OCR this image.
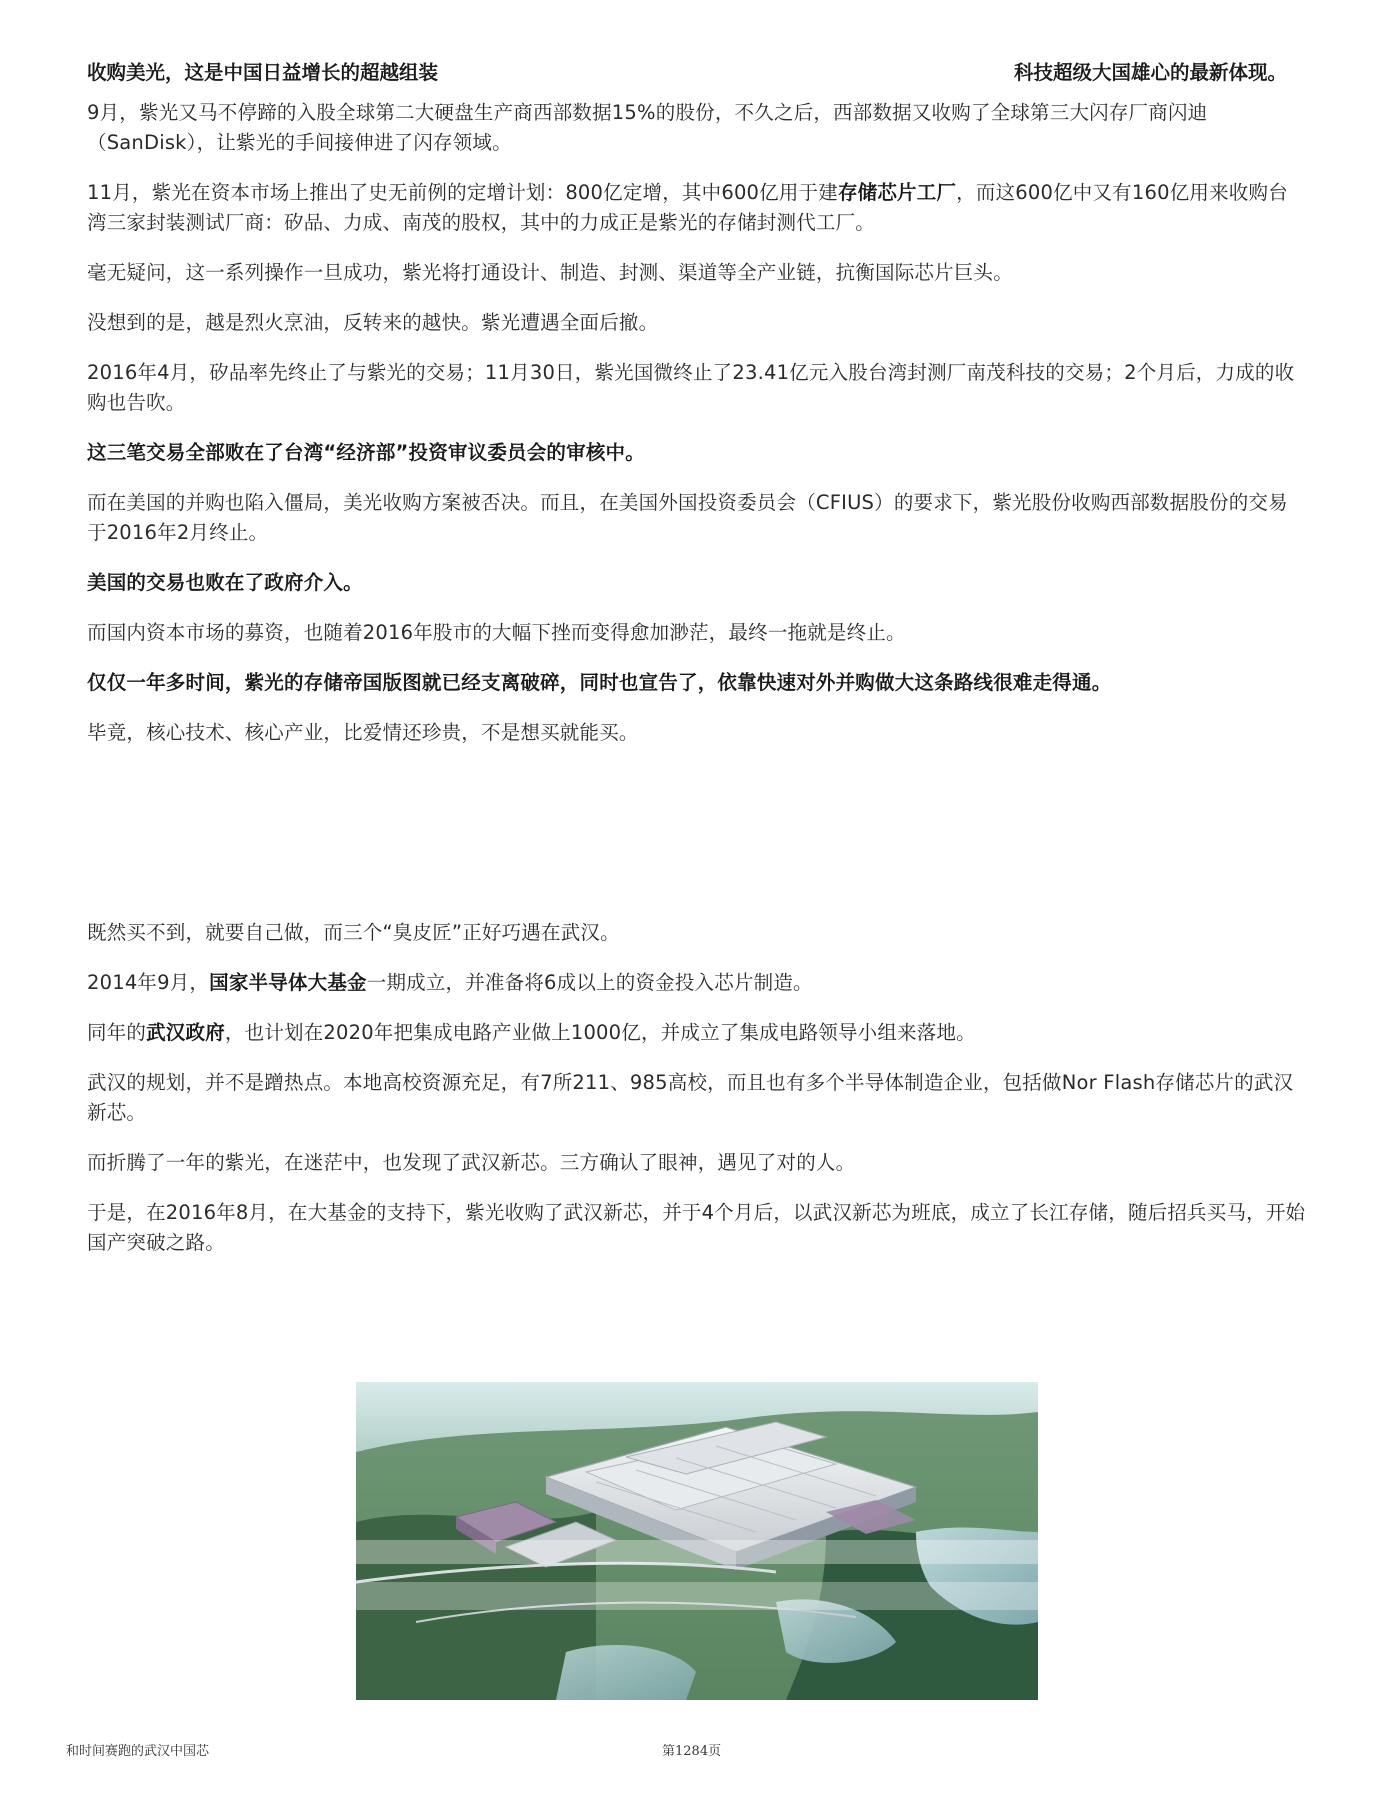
收购美光，这是中国日益增长的超越组装	科技超级大国雄心的最新体现。

9月，紫光又马不停蹄的入股全球第二大硬盘生产商西部数据15%的股份，不久之后，西部数据又收购了全球第三大闪存厂商闪迪（SanDisk），让紫光的手间接伸进了闪存领域。

11月，紫光在资本市场上推出了史无前例的定增计划：800亿定增，其中600亿用于建存储芯片工厂，而这600亿中又有160亿用来收购台湾三家封装测试厂商：矽品、力成、南茂的股权，其中的力成正是紫光的存储封测代工厂。

毫无疑问，这一系列操作一旦成功，紫光将打通设计、制造、封测、渠道等全产业链，抗衡国际芯片巨头。

没想到的是，越是烈火烹油，反转来的越快。紫光遭遇全面后撤。

2016年4月，矽品率先终止了与紫光的交易；11月30日，紫光国微终止了23.41亿元入股台湾封测厂南茂科技的交易；2个月后，力成的收购也告吹。

这三笔交易全部败在了台湾“经济部”投资审议委员会的审核中。

而在美国的并购也陷入僵局，美光收购方案被否决。而且，在美国外国投资委员会（CFIUS）的要求下，紫光股份收购西部数据股份的交易于2016年2月终止。

美国的交易也败在了政府介入。

而国内资本市场的募资，也随着2016年股市的大幅下挫而变得愈加渺茫，最终一拖就是终止。

仅仅一年多时间，紫光的存储帝国版图就已经支离破碎，同时也宣告了，依靠快速对外并购做大这条路线很难走得通。

毕竟，核心技术、核心产业，比爱情还珍贵，不是想买就能买。

既然买不到，就要自己做，而三个“臭皮匠”正好巧遇在武汉。

2014年9月，国家半导体大基金一期成立，并准备将6成以上的资金投入芯片制造。

同年的武汉政府，也计划在2020年把集成电路产业做上1000亿，并成立了集成电路领导小组来落地。

武汉的规划，并不是蹭热点。本地高校资源充足，有7所211、985高校，而且也有多个半导体制造企业，包括做Nor Flash存储芯片的武汉新芯。

而折腾了一年的紫光，在迷茫中，也发现了武汉新芯。三方确认了眼神，遇见了对的人。

于是，在2016年8月，在大基金的支持下，紫光收购了武汉新芯，并于4个月后，以武汉新芯为班底，成立了长江存储，随后招兵买马，开始国产突破之路。

和时间赛跑的武汉中国芯	第1284页
